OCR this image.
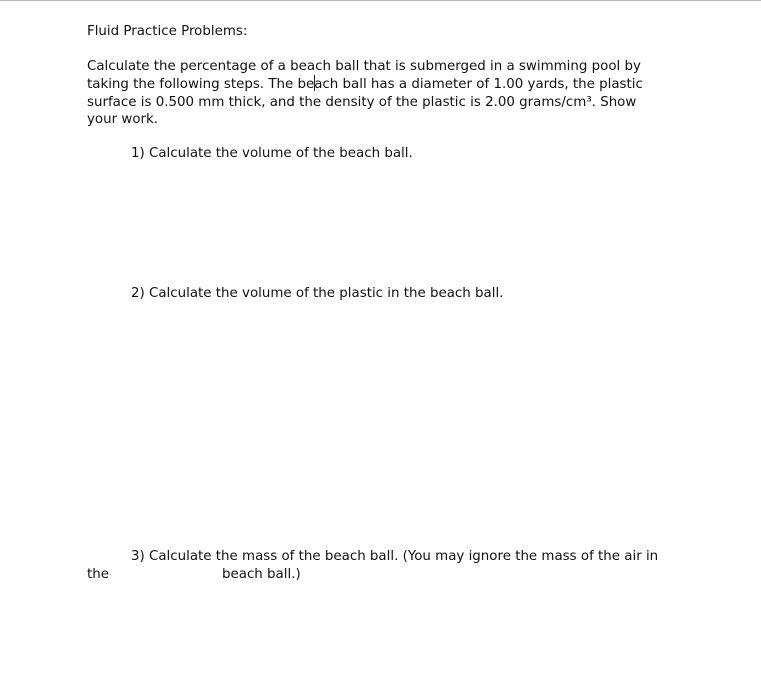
Fluid Practice Problems:
Calculate the percentage of a beach ball that is submerged in a swimming pool by
taking the following steps. The beach ball has a diameter of 1.00 yards, the plastic
surface is 0.500 mm thick, and the density of the plastic is 2.00 grams/cm³. Show
your work.
1) Calculate the volume of the beach ball.
2) Calculate the volume of the plastic in the beach ball.
3) Calculate the mass of the beach ball. (You may ignore the mass of the air in
the	beach ball.)
